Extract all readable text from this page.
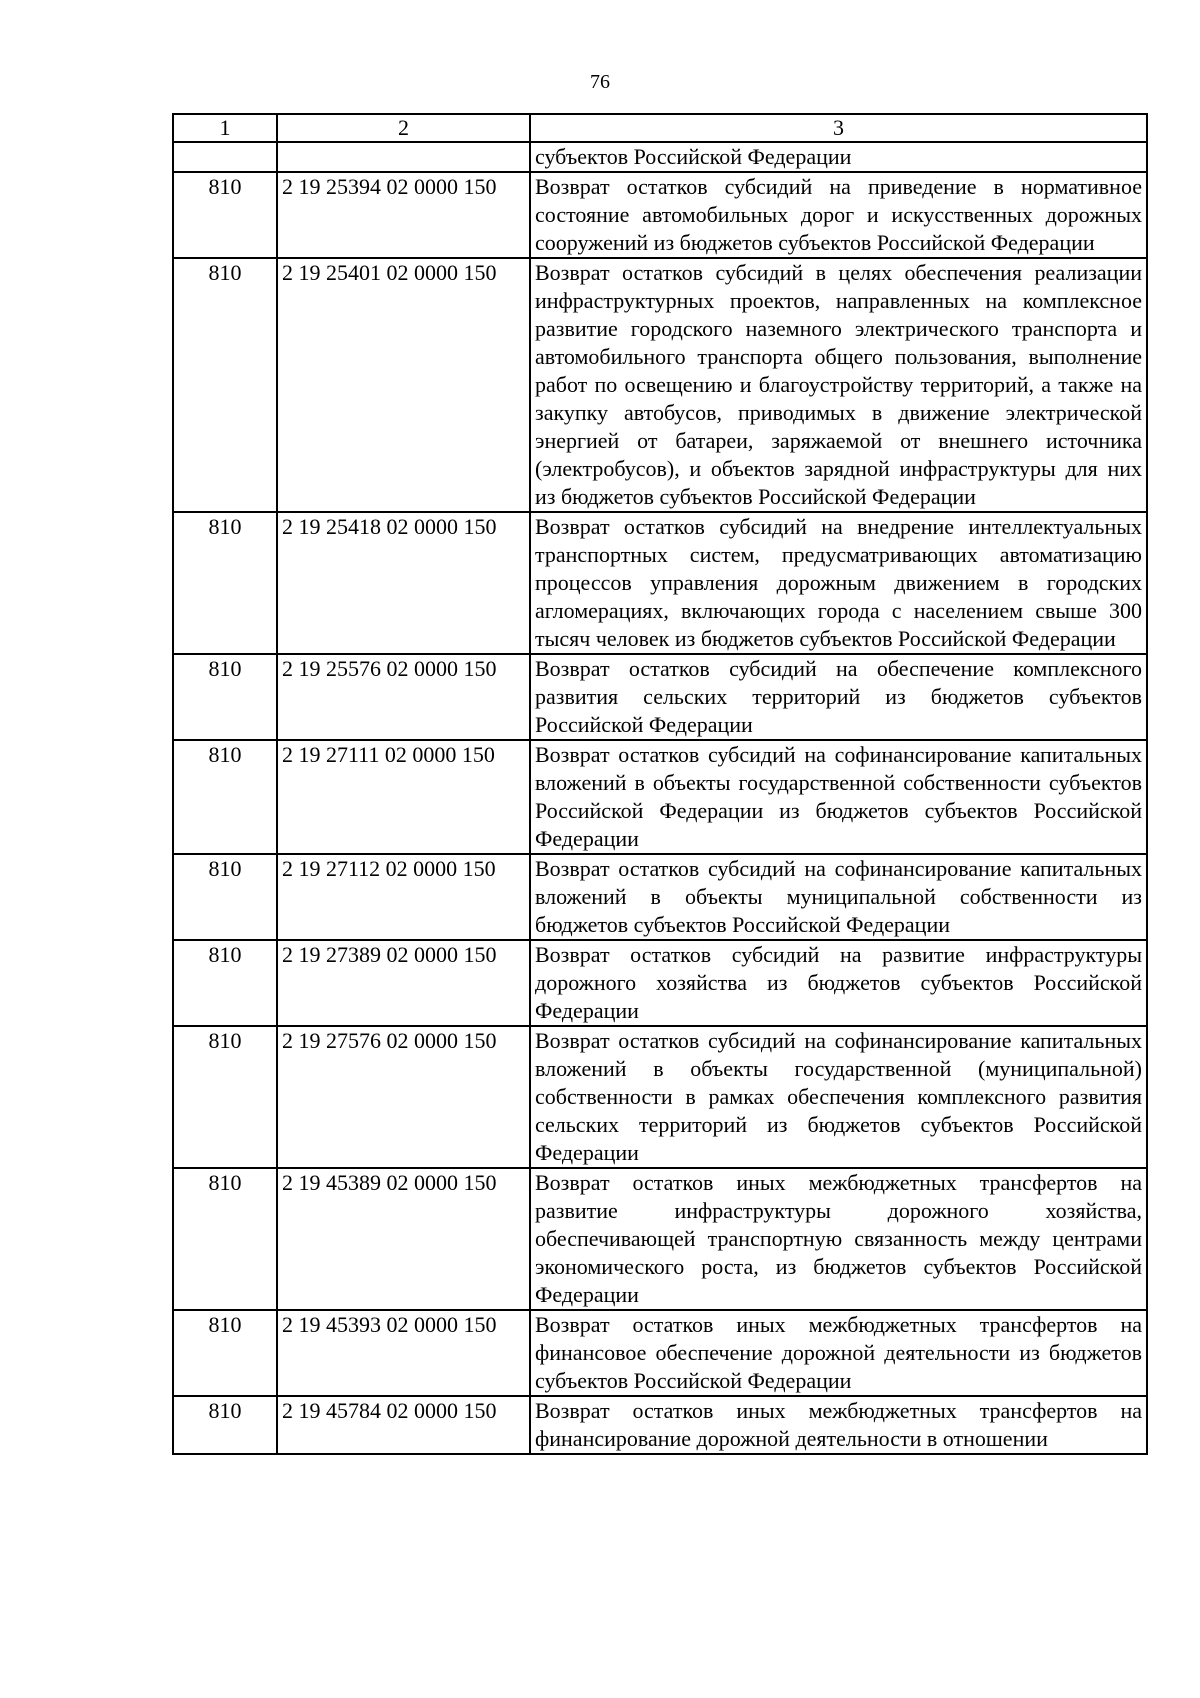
76
1	2	3
		субъектов Российской Федерации
810	2 19 25394 02 0000 150	Возврат остатков субсидий на приведение в нормативное состояние автомобильных дорог и искусственных дорожных сооружений из бюджетов субъектов Российской Федерации
810	2 19 25401 02 0000 150	Возврат остатков субсидий в целях обеспечения реализации инфраструктурных проектов, направленных на комплексное развитие городского наземного электрического транспорта и автомобильного транспорта общего пользования, выполнение работ по освещению и благоустройству территорий, а также на закупку автобусов, приводимых в движение электрической энергией от батареи, заряжаемой от внешнего источника (электробусов), и объектов зарядной инфраструктуры для них из бюджетов субъектов Российской Федерации
810	2 19 25418 02 0000 150	Возврат остатков субсидий на внедрение интеллектуальных транспортных систем, предусматривающих автоматизацию процессов управления дорожным движением в городских агломерациях, включающих города с населением свыше 300 тысяч человек из бюджетов субъектов Российской Федерации
810	2 19 25576 02 0000 150	Возврат остатков субсидий на обеспечение комплексного развития сельских территорий из бюджетов субъектов Российской Федерации
810	2 19 27111 02 0000 150	Возврат остатков субсидий на софинансирование капитальных вложений в объекты государственной собственности субъектов Российской Федерации из бюджетов субъектов Российской Федерации
810	2 19 27112 02 0000 150	Возврат остатков субсидий на софинансирование капитальных вложений в объекты муниципальной собственности из бюджетов субъектов Российской Федерации
810	2 19 27389 02 0000 150	Возврат остатков субсидий на развитие инфраструктуры дорожного хозяйства из бюджетов субъектов Российской Федерации
810	2 19 27576 02 0000 150	Возврат остатков субсидий на софинансирование капитальных вложений в объекты государственной (муниципальной) собственности в рамках обеспечения комплексного развития сельских территорий из бюджетов субъектов Российской Федерации
810	2 19 45389 02 0000 150	Возврат остатков иных межбюджетных трансфертов на развитие инфраструктуры дорожного хозяйства, обеспечивающей транспортную связанность между центрами экономического роста, из бюджетов субъектов Российской Федерации
810	2 19 45393 02 0000 150	Возврат остатков иных межбюджетных трансфертов на финансовое обеспечение дорожной деятельности из бюджетов субъектов Российской Федерации
810	2 19 45784 02 0000 150	Возврат остатков иных межбюджетных трансфертов на финансирование дорожной деятельности в отношении
